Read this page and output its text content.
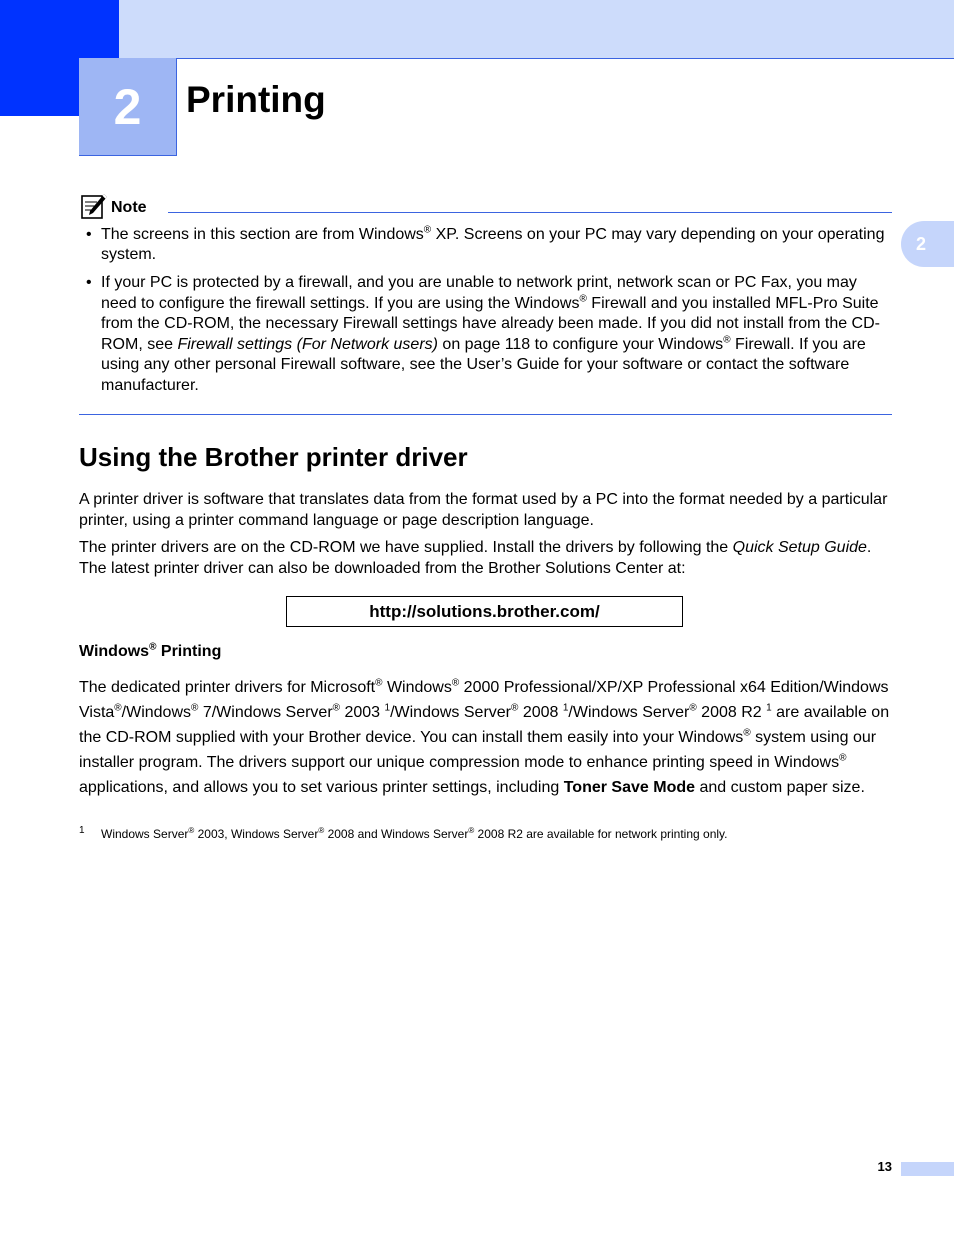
2 Printing
2
Note
• The screens in this section are from Windows® XP. Screens on your PC may vary depending on your operating system.
• If your PC is protected by a firewall, and you are unable to network print, network scan or PC Fax, you may need to configure the firewall settings. If you are using the Windows® Firewall and you installed MFL-Pro Suite from the CD-ROM, the necessary Firewall settings have already been made. If you did not install from the CD-ROM, see Firewall settings (For Network users) on page 118 to configure your Windows® Firewall. If you are using any other personal Firewall software, see the User’s Guide for your software or contact the software manufacturer.
Using the Brother printer driver

A printer driver is software that translates data from the format used by a PC into the format needed by a particular printer, using a printer command language or page description language.

The printer drivers are on the CD-ROM we have supplied. Install the drivers by following the Quick Setup Guide. The latest printer driver can also be downloaded from the Brother Solutions Center at:

http://solutions.brother.com/
Windows® Printing

The dedicated printer drivers for Microsoft® Windows® 2000 Professional/XP/XP Professional x64 Edition/Windows Vista®/Windows® 7/Windows Server® 2003 $^1$/Windows Server® 2008 $^1$/Windows Server® 2008 R2 $^1$ are available on the CD-ROM supplied with your Brother device. You can install them easily into your Windows® system using our installer program. The drivers support our unique compression mode to enhance printing speed in Windows® applications, and allows you to set various printer settings, including Toner Save Mode and custom paper size.

1 Windows Server® 2003, Windows Server® 2008 and Windows Server® 2008 R2 are available for network printing only.
13
